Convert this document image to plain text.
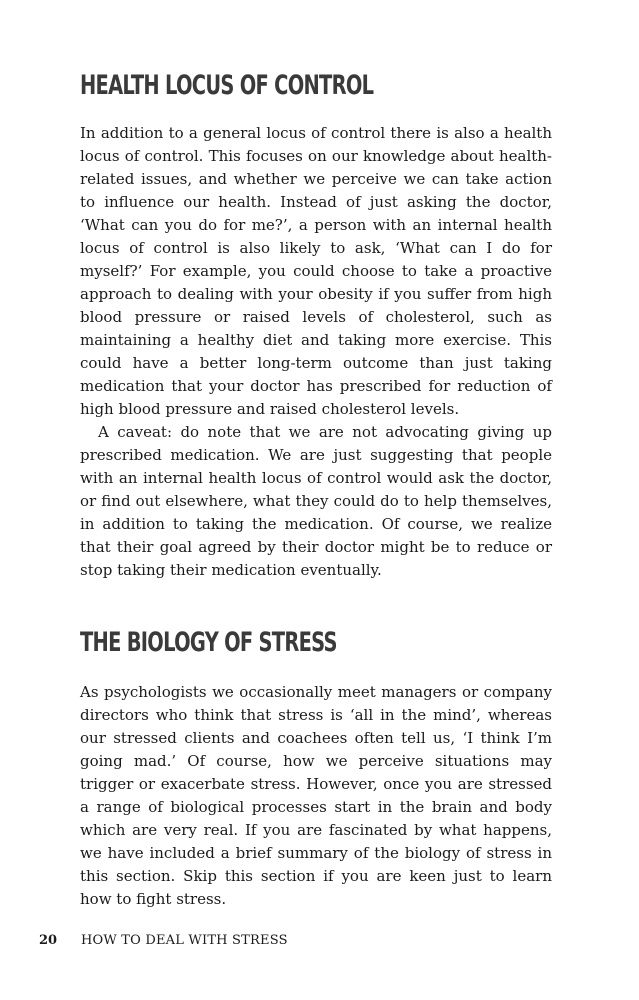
HEALTH LOCUS OF CONTROL

In addition to a general locus of control there is also a health locus of control. This focuses on our knowledge about health-related issues, and whether we perceive we can take action to influence our health. Instead of just asking the doctor, ‘What can you do for me?’, a person with an internal health locus of control is also likely to ask, ‘What can I do for myself?’ For example, you could choose to take a proactive approach to dealing with your obesity if you suffer from high blood pressure or raised levels of cholesterol, such as maintaining a healthy diet and taking more exercise. This could have a better long-term outcome than just taking medication that your doctor has prescribed for reduction of high blood pressure and raised cholesterol levels.

A caveat: do note that we are not advocating giving up prescribed medication. We are just suggesting that people with an internal health locus of control would ask the doctor, or find out elsewhere, what they could do to help themselves, in addition to taking the medication. Of course, we realize that their goal agreed by their doctor might be to reduce or stop taking their medication eventually.

THE BIOLOGY OF STRESS

As psychologists we occasionally meet managers or company directors who think that stress is ‘all in the mind’, whereas our stressed clients and coachees often tell us, ‘I think I’m going mad.’ Of course, how we perceive situations may trigger or exacerbate stress. However, once you are stressed a range of biological processes start in the brain and body which are very real. If you are fascinated by what happens, we have included a brief summary of the biology of stress in this section. Skip this section if you are keen just to learn how to fight stress.

20 HOW TO DEAL WITH STRESS
